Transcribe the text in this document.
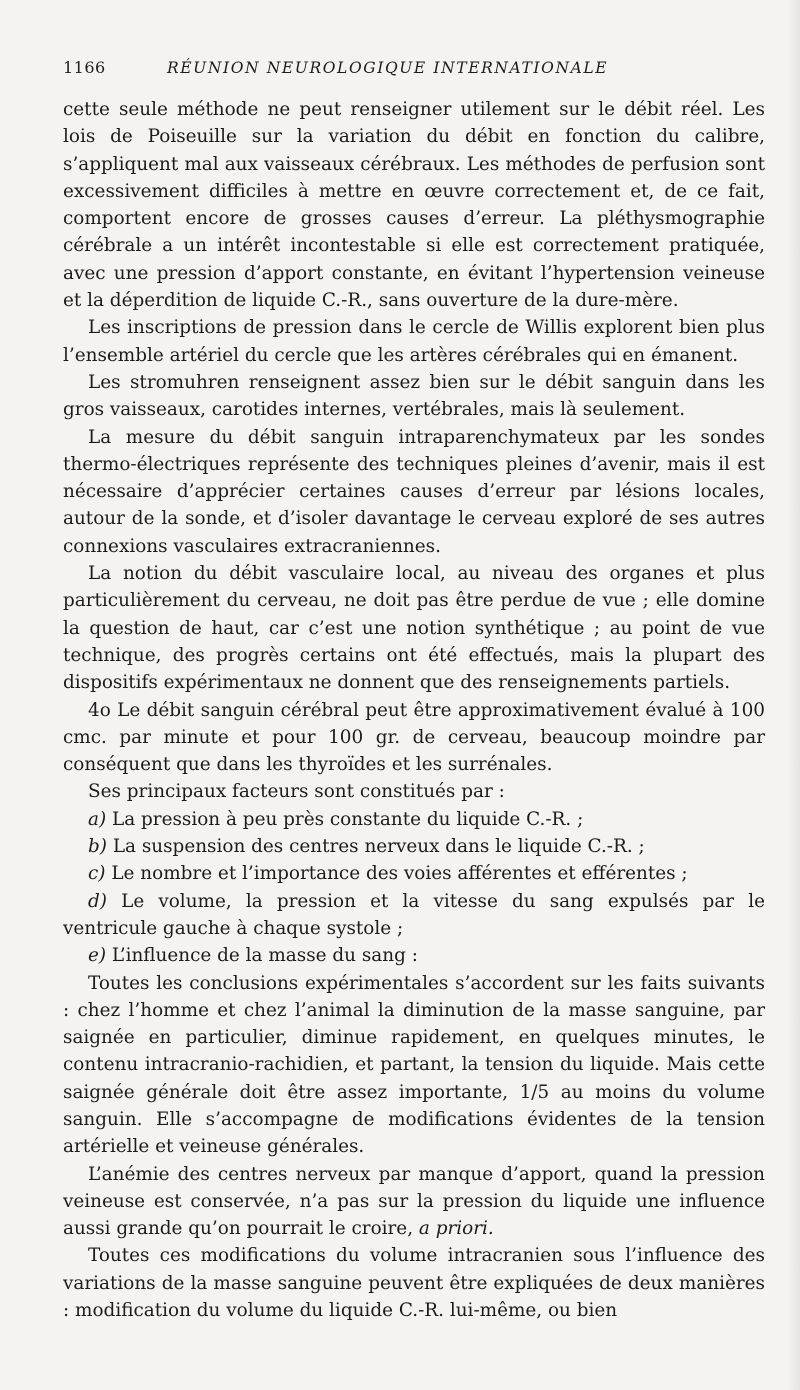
1166	RÉUNION NEUROLOGIQUE INTERNATIONALE

cette seule méthode ne peut renseigner utilement sur le débit réel. Les lois de Poiseuille sur la variation du débit en fonction du calibre, s’appliquent mal aux vaisseaux cérébraux. Les méthodes de perfusion sont excessivement difficiles à mettre en œuvre correctement et, de ce fait, comportent encore de grosses causes d’erreur. La pléthysmographie cérébrale a un intérêt incontestable si elle est correctement pratiquée, avec une pression d’apport constante, en évitant l’hypertension veineuse et la déperdition de liquide C.-R., sans ouverture de la dure-mère.

Les inscriptions de pression dans le cercle de Willis explorent bien plus l’ensemble artériel du cercle que les artères cérébrales qui en émanent.

Les stromuhren renseignent assez bien sur le débit sanguin dans les gros vaisseaux, carotides internes, vertébrales, mais là seulement.

La mesure du débit sanguin intraparenchymateux par les sondes thermo-électriques représente des techniques pleines d’avenir, mais il est nécessaire d’apprécier certaines causes d’erreur par lésions locales, autour de la sonde, et d’isoler davantage le cerveau exploré de ses autres connexions vasculaires extracraniennes.

La notion du débit vasculaire local, au niveau des organes et plus particulièrement du cerveau, ne doit pas être perdue de vue ; elle domine la question de haut, car c’est une notion synthétique ; au point de vue technique, des progrès certains ont été effectués, mais la plupart des dispositifs expérimentaux ne donnent que des renseignements partiels.

4o Le débit sanguin cérébral peut être approximativement évalué à 100 cmc. par minute et pour 100 gr. de cerveau, beaucoup moindre par conséquent que dans les thyroïdes et les surrénales.

Ses principaux facteurs sont constitués par :

a) La pression à peu près constante du liquide C.-R. ;

b) La suspension des centres nerveux dans le liquide C.-R. ;

c) Le nombre et l’importance des voies afférentes et efférentes ;

d) Le volume, la pression et la vitesse du sang expulsés par le ventricule gauche à chaque systole ;

e) L’influence de la masse du sang :

Toutes les conclusions expérimentales s’accordent sur les faits suivants : chez l’homme et chez l’animal la diminution de la masse sanguine, par saignée en particulier, diminue rapidement, en quelques minutes, le contenu intracranio-rachidien, et partant, la tension du liquide. Mais cette saignée générale doit être assez importante, 1/5 au moins du volume sanguin. Elle s’accompagne de modifications évidentes de la tension artérielle et veineuse générales.

L’anémie des centres nerveux par manque d’apport, quand la pression veineuse est conservée, n’a pas sur la pression du liquide une influence aussi grande qu’on pourrait le croire, a priori.

Toutes ces modifications du volume intracranien sous l’influence des variations de la masse sanguine peuvent être expliquées de deux manières : modification du volume du liquide C.-R. lui-même, ou bien
